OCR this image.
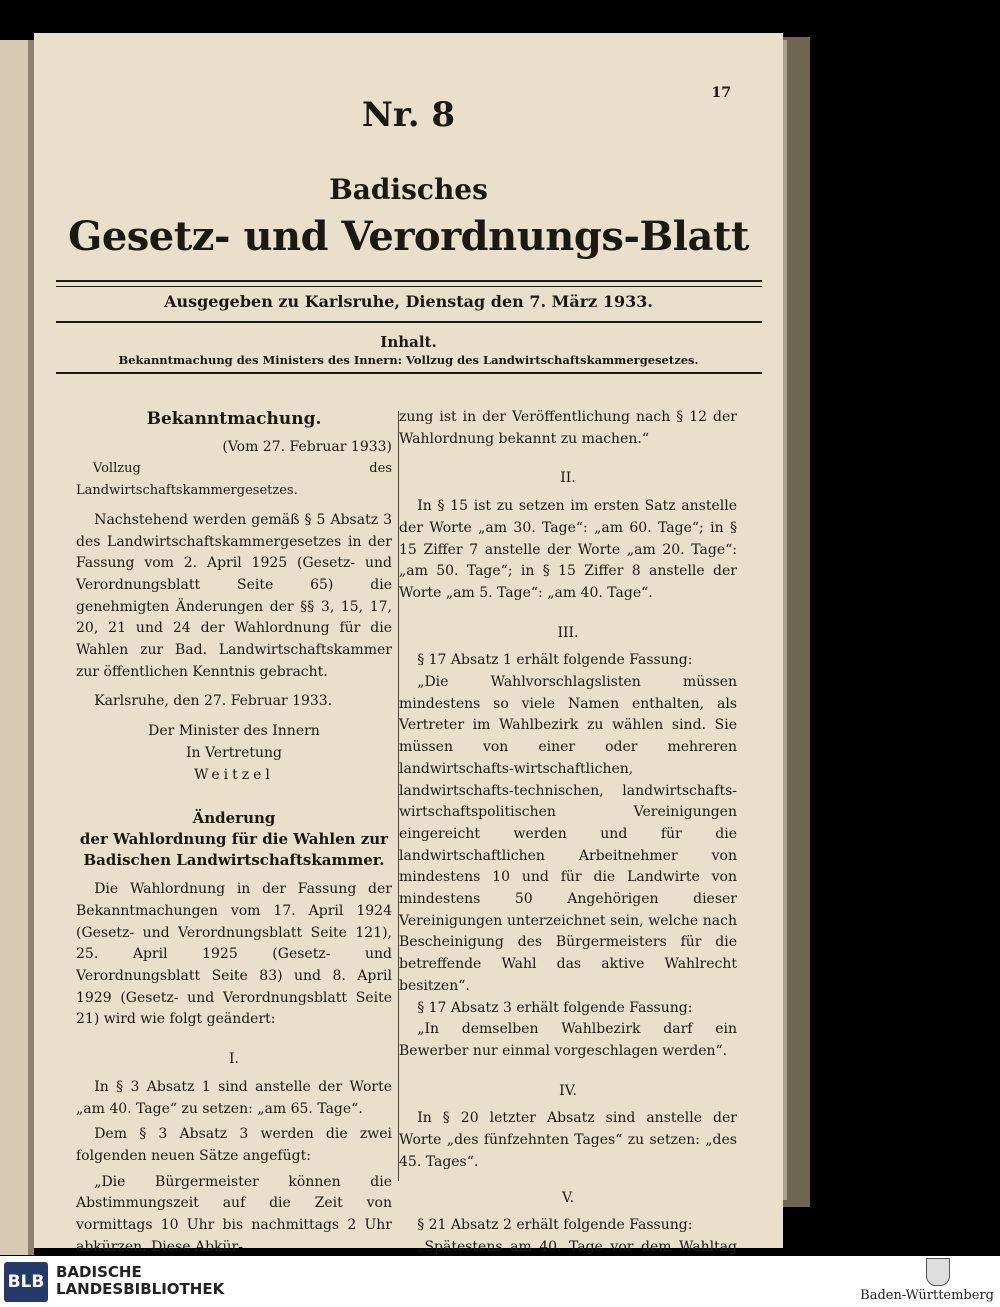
17
Nr. 8
Badisches
Gesetz- und Verordnungs-Blatt
Ausgegeben zu Karlsruhe, Dienstag den 7. März 1933.
Inhalt.
Bekanntmachung des Ministers des Innern: Vollzug des Landwirtschaftskammergesetzes.

Bekanntmachung.

(Vom 27. Februar 1933)

Vollzug des Landwirtschaftskammergesetzes.

Nachstehend werden gemäß § 5 Absatz 3 des Landwirtschaftskammergesetzes in der Fassung vom 2. April 1925 (Gesetz- und Verordnungsblatt Seite 65) die genehmigten Änderungen der §§ 3, 15, 17, 20, 21 und 24 der Wahlordnung für die Wahlen zur Bad. Landwirtschaftskammer zur öffentlichen Kenntnis gebracht.

Karlsruhe, den 27. Februar 1933.

Der Minister des Innern

In Vertretung

Weitzel

Änderung

der Wahlordnung für die Wahlen zur

Badischen Landwirtschaftskammer.

Die Wahlordnung in der Fassung der Bekanntmachungen vom 17. April 1924 (Gesetz- und Verordnungsblatt Seite 121), 25. April 1925 (Gesetz- und Verordnungsblatt Seite 83) und 8. April 1929 (Gesetz- und Verordnungsblatt Seite 21) wird wie folgt geändert:

I.

In § 3 Absatz 1 sind anstelle der Worte „am 40. Tage“ zu setzen: „am 65. Tage“.

Dem § 3 Absatz 3 werden die zwei folgenden neuen Sätze angefügt:

„Die Bürgermeister können die Abstimmungszeit auf die Zeit von vormittags 10 Uhr bis nachmittags 2 Uhr abkürzen. Diese Abkür-

zung ist in der Veröffentlichung nach § 12 der Wahlordnung bekannt zu machen.“

II.

In § 15 ist zu setzen im ersten Satz anstelle der Worte „am 30. Tage“: „am 60. Tage“; in § 15 Ziffer 7 anstelle der Worte „am 20. Tage“: „am 50. Tage“; in § 15 Ziffer 8 anstelle der Worte „am 5. Tage“: „am 40. Tage“.

III.

§ 17 Absatz 1 erhält folgende Fassung:

„Die Wahlvorschlagslisten müssen mindestens so viele Namen enthalten, als Vertreter im Wahlbezirk zu wählen sind. Sie müssen von einer oder mehreren landwirtschafts-wirtschaftlichen, landwirtschafts-technischen, landwirtschafts-wirtschaftspolitischen Vereinigungen eingereicht werden und für die landwirtschaftlichen Arbeitnehmer von mindestens 10 und für die Landwirte von mindestens 50 Angehörigen dieser Vereinigungen unterzeichnet sein, welche nach Bescheinigung des Bürgermeisters für die betreffende Wahl das aktive Wahlrecht besitzen“.

§ 17 Absatz 3 erhält folgende Fassung:

„In demselben Wahlbezirk darf ein Bewerber nur einmal vorgeschlagen werden“.

IV.

In § 20 letzter Absatz sind anstelle der Worte „des fünfzehnten Tages“ zu setzen: „des 45. Tages“.

V.

§ 21 Absatz 2 erhält folgende Fassung:

„Spätestens am 40. Tage vor dem Wahltag

BLB BADISCHE
LANDESBIBLIOTHEK	Baden-Württemberg
